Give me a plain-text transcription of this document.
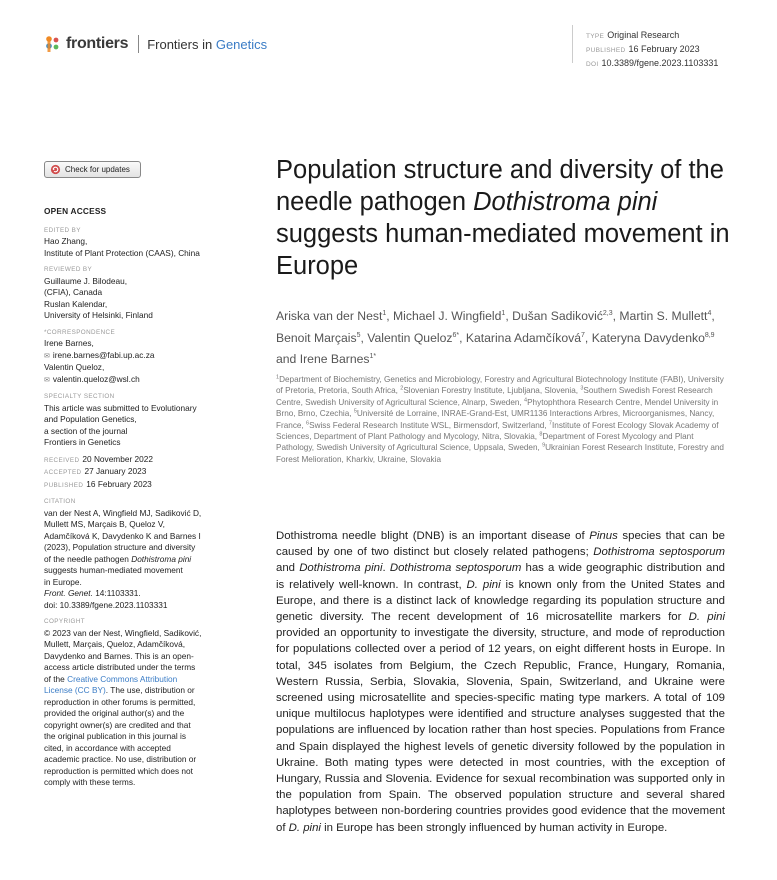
frontiers Frontiers in Genetics	TYPE Original Research
PUBLISHED 16 February 2023
DOI 10.3389/fgene.2023.1103331
Check for updates
OPEN ACCESS
EDITED BY
Hao Zhang,
Institute of Plant Protection (CAAS), China
REVIEWED BY
Guillaume J. Bilodeau,
(CFIA), Canada
Ruslan Kalendar,
University of Helsinki, Finland
*CORRESPONDENCE
Irene Barnes,
✉ irene.barnes@fabi.up.ac.za
Valentin Queloz,
✉ valentin.queloz@wsl.ch
SPECIALTY SECTION
This article was submitted to Evolutionary
and Population Genetics,
a section of the journal
Frontiers in Genetics
RECEIVED 20 November 2022
ACCEPTED 27 January 2023
PUBLISHED 16 February 2023
CITATION
van der Nest A, Wingfield MJ, Sadiković D,
Mullett MS, Marçais B, Queloz V,
Adamčíková K, Davydenko K and Barnes I
(2023), Population structure and diversity
of the needle pathogen Dothistroma pini
suggests human-mediated movement
in Europe.
Front. Genet. 14:1103331.
doi: 10.3389/fgene.2023.1103331
COPYRIGHT
© 2023 van der Nest, Wingfield, Sadiković,
Mullett, Marçais, Queloz, Adamčíková,
Davydenko and Barnes. This is an open-
access article distributed under the terms
of the Creative Commons Attribution
License (CC BY). The use, distribution or
reproduction in other forums is permitted,
provided the original author(s) and the
copyright owner(s) are credited and that
the original publication in this journal is
cited, in accordance with accepted
academic practice. No use, distribution or
reproduction is permitted which does not
comply with these terms.
Population structure and diversity of the needle pathogen Dothistroma pini suggests human-mediated movement in Europe
Ariska van der Nest$^1$, Michael J. Wingfield$^1$, Dušan Sadiković$^{2,3}$, Martin S. Mullett$^4$, Benoit Marçais$^5$, Valentin Queloz$^{6*}$, Katarina Adamčíková$^7$, Kateryna Davydenko$^{8,9}$ and Irene Barnes$^{1*}$
$^1$Department of Biochemistry, Genetics and Microbiology, Forestry and Agricultural Biotechnology Institute (FABI), University of Pretoria, Pretoria, South Africa, $^2$Slovenian Forestry Institute, Ljubljana, Slovenia, $^3$Southern Swedish Forest Research Centre, Swedish University of Agricultural Science, Alnarp, Sweden, $^4$Phytophthora Research Centre, Mendel University in Brno, Brno, Czechia, $^5$Université de Lorraine, INRAE-Grand-Est, UMR1136 Interactions Arbres, Microorganismes, Nancy, France, $^6$Swiss Federal Research Institute WSL, Birmensdorf, Switzerland, $^7$Institute of Forest Ecology Slovak Academy of Sciences, Department of Plant Pathology and Mycology, Nitra, Slovakia, $^8$Department of Forest Mycology and Plant Pathology, Swedish University of Agricultural Science, Uppsala, Sweden, $^9$Ukrainian Forest Research Institute, Forestry and Forest Melioration, Kharkiv, Ukraine, Slovakia
Dothistroma needle blight (DNB) is an important disease of Pinus species that can be caused by one of two distinct but closely related pathogens; Dothistroma septosporum and Dothistroma pini. Dothistroma septosporum has a wide geographic distribution and is relatively well-known. In contrast, D. pini is known only from the United States and Europe, and there is a distinct lack of knowledge regarding its population structure and genetic diversity. The recent development of 16 microsatellite markers for D. pini provided an opportunity to investigate the diversity, structure, and mode of reproduction for populations collected over a period of 12 years, on eight different hosts in Europe. In total, 345 isolates from Belgium, the Czech Republic, France, Hungary, Romania, Western Russia, Serbia, Slovakia, Slovenia, Spain, Switzerland, and Ukraine were screened using microsatellite and species-specific mating type markers. A total of 109 unique multilocus haplotypes were identified and structure analyses suggested that the populations are influenced by location rather than host species. Populations from France and Spain displayed the highest levels of genetic diversity followed by the population in Ukraine. Both mating types were detected in most countries, with the exception of Hungary, Russia and Slovenia. Evidence for sexual recombination was supported only in the population from Spain. The observed population structure and several shared haplotypes between non-bordering countries provides good evidence that the movement of D. pini in Europe has been strongly influenced by human activity in Europe.
